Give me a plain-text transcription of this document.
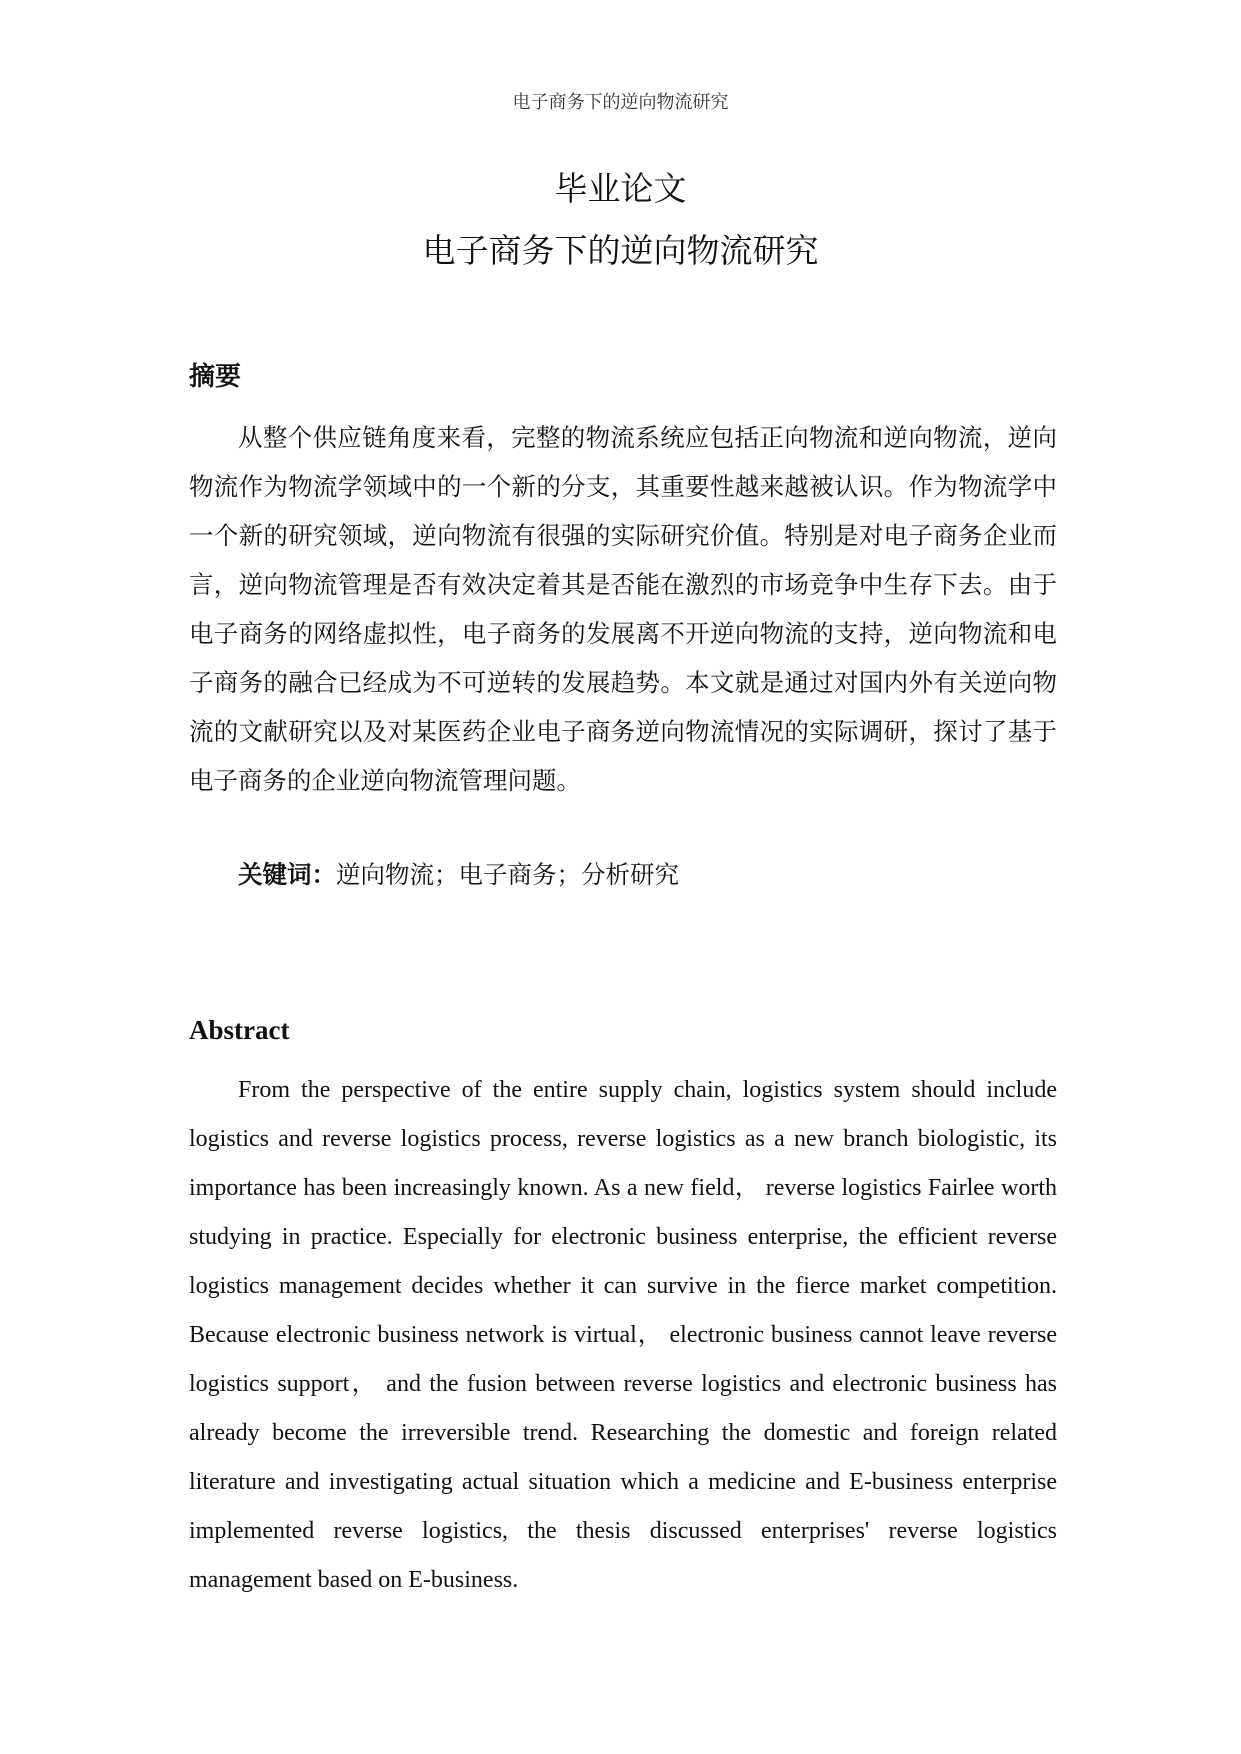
电子商务下的逆向物流研究
毕业论文
电子商务下的逆向物流研究
摘要

从整个供应链角度来看，完整的物流系统应包括正向物流和逆向物流，逆向物流作为物流学领域中的一个新的分支，其重要性越来越被认识。作为物流学中一个新的研究领域，逆向物流有很强的实际研究价值。特别是对电子商务企业而言，逆向物流管理是否有效决定着其是否能在激烈的市场竞争中生存下去。由于电子商务的网络虚拟性，电子商务的发展离不开逆向物流的支持，逆向物流和电子商务的融合已经成为不可逆转的发展趋势。本文就是通过对国内外有关逆向物流的文献研究以及对某医药企业电子商务逆向物流情况的实际调研，探讨了基于电子商务的企业逆向物流管理问题。

关键词：逆向物流；电子商务；分析研究
Abstract

From the perspective of the entire supply chain, logistics system should include logistics and reverse logistics process, reverse logistics as a new branch biologistic, its importance has been increasingly known. As a new field， reverse logistics Fairlee worth studying in practice. Especially for electronic business enterprise, the efficient reverse logistics management decides whether it can survive in the fierce market competition. Because electronic business network is virtual， electronic business cannot leave reverse logistics support， and the fusion between reverse logistics and electronic business has already become the irreversible trend. Researching the domestic and foreign related literature and investigating actual situation which a medicine and E-business enterprise implemented reverse logistics, the thesis discussed enterprises' reverse logistics management based on E-business.
